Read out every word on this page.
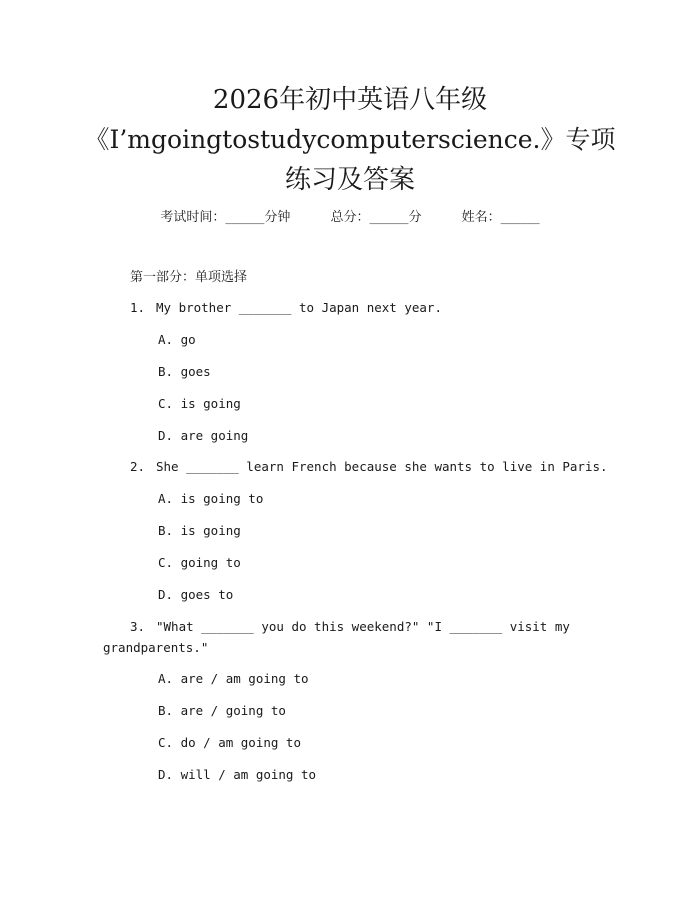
2026年初中英语八年级
《I’mgoingtostudycomputerscience.》专项
练习及答案
考试时间：______分钟	总分：______分	姓名：______
第一部分：单项选择
1. My brother _______ to Japan next year.
A. go
B. goes
C. is going
D. are going
2. She _______ learn French because she wants to live in Paris.
A. is going to
B. is going
C. going to
D. goes to
3. "What _______ you do this weekend?" "I _______ visit my
grandparents."
A. are / am going to
B. are / going to
C. do / am going to
D. will / am going to
